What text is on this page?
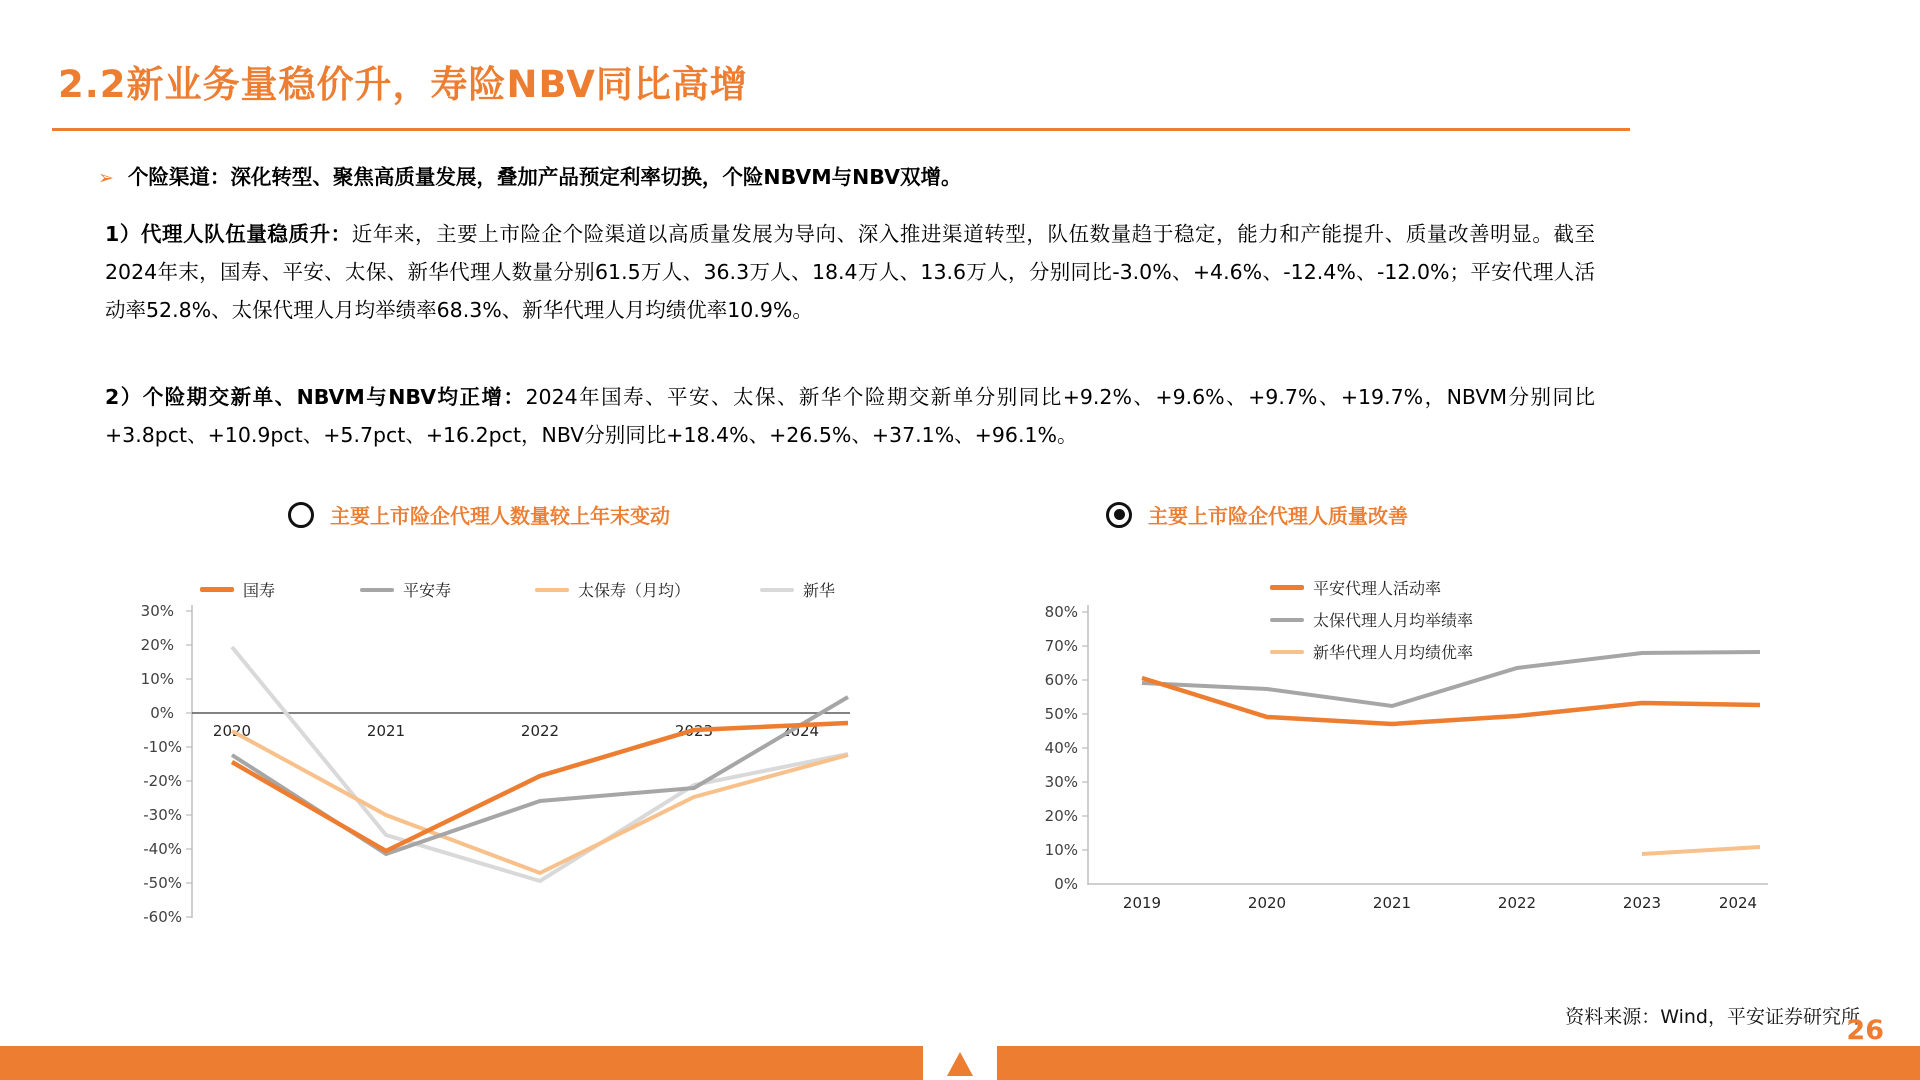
2.2新业务量稳价升，寿险NBV同比高增
➢ 个险渠道：深化转型、聚焦高质量发展，叠加产品预定利率切换，个险NBVM与NBV双增。
1）代理人队伍量稳质升：近年来，主要上市险企个险渠道以高质量发展为导向、深入推进渠道转型，队伍数量趋于稳定，能力和产能提升、质量改善明显。截至2024年末，国寿、平安、太保、新华代理人数量分别61.5万人、36.3万人、18.4万人、13.6万人，分别同比-3.0%、+4.6%、-12.4%、-12.0%；平安代理人活动率52.8%、太保代理人月均举绩率68.3%、新华代理人月均绩优率10.9%。
2）个险期交新单、NBVM与NBV均正增：2024年国寿、平安、太保、新华个险期交新单分别同比+9.2%、+9.6%、+9.7%、+19.7%，NBVM分别同比+3.8pct、+10.9pct、+5.7pct、+16.2pct，NBV分别同比+18.4%、+26.5%、+37.1%、+96.1%。
主要上市险企代理人数量较上年末变动
国寿	平安寿	太保寿（月均）	新华
30%
20%
10%
0%
-10%
-20%
-30%
-40%
-50%
-60%
2020	2021	2022	2023	2024
主要上市险企代理人质量改善
平安代理人活动率
太保代理人月均举绩率
新华代理人月均绩优率
80%
70%
60%
50%
40%
30%
20%
10%
0%
2019	2020	2021	2022	2023	2024
资料来源：Wind，平安证券研究所
26
